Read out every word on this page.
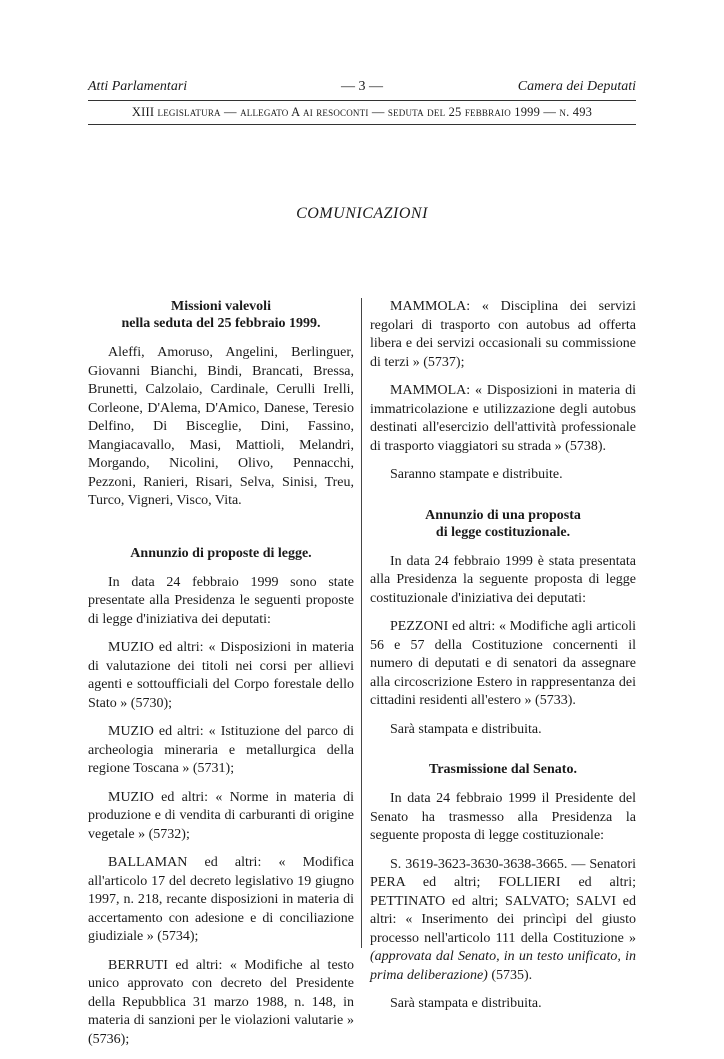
Atti Parlamentari	— 3 —	Camera dei Deputati
XIII legislatura — allegato A ai resoconti — seduta del 25 febbraio 1999 — n. 493
COMUNICAZIONI
Missioni valevoli
nella seduta del 25 febbraio 1999.

Aleffi, Amoruso, Angelini, Berlinguer, Giovanni Bianchi, Bindi, Brancati, Bressa, Brunetti, Calzolaio, Cardinale, Cerulli Irelli, Corleone, D'Alema, D'Amico, Danese, Teresio Delfino, Di Bisceglie, Dini, Fassino, Mangiacavallo, Masi, Mattioli, Melandri, Morgando, Nicolini, Olivo, Pennacchi, Pezzoni, Ranieri, Risari, Selva, Sinisi, Treu, Turco, Vigneri, Visco, Vita.

Annunzio di proposte di legge.

In data 24 febbraio 1999 sono state presentate alla Presidenza le seguenti proposte di legge d'iniziativa dei deputati:

MUZIO ed altri: « Disposizioni in materia di valutazione dei titoli nei corsi per allievi agenti e sottoufficiali del Corpo forestale dello Stato » (5730);

MUZIO ed altri: « Istituzione del parco di archeologia mineraria e metallurgica della regione Toscana » (5731);

MUZIO ed altri: « Norme in materia di produzione e di vendita di carburanti di origine vegetale » (5732);

BALLAMAN ed altri: « Modifica all'articolo 17 del decreto legislativo 19 giugno 1997, n. 218, recante disposizioni in materia di accertamento con adesione e di conciliazione giudiziale » (5734);

BERRUTI ed altri: « Modifiche al testo unico approvato con decreto del Presidente della Repubblica 31 marzo 1988, n. 148, in materia di sanzioni per le violazioni valutarie » (5736);

MAMMOLA: « Disciplina dei servizi regolari di trasporto con autobus ad offerta libera e dei servizi occasionali su commissione di terzi » (5737);

MAMMOLA: « Disposizioni in materia di immatricolazione e utilizzazione degli autobus destinati all'esercizio dell'attività professionale di trasporto viaggiatori su strada » (5738).

Saranno stampate e distribuite.

Annunzio di una proposta
di legge costituzionale.

In data 24 febbraio 1999 è stata presentata alla Presidenza la seguente proposta di legge costituzionale d'iniziativa dei deputati:

PEZZONI ed altri: « Modifiche agli articoli 56 e 57 della Costituzione concernenti il numero di deputati e di senatori da assegnare alla circoscrizione Estero in rappresentanza dei cittadini residenti all'estero » (5733).

Sarà stampata e distribuita.

Trasmissione dal Senato.

In data 24 febbraio 1999 il Presidente del Senato ha trasmesso alla Presidenza la seguente proposta di legge costituzionale:

S. 3619-3623-3630-3638-3665. — Senatori PERA ed altri; FOLLIERI ed altri; PETTINATO ed altri; SALVATO; SALVI ed altri: « Inserimento dei princìpi del giusto processo nell'articolo 111 della Costituzione » (approvata dal Senato, in un testo unificato, in prima deliberazione) (5735).

Sarà stampata e distribuita.
